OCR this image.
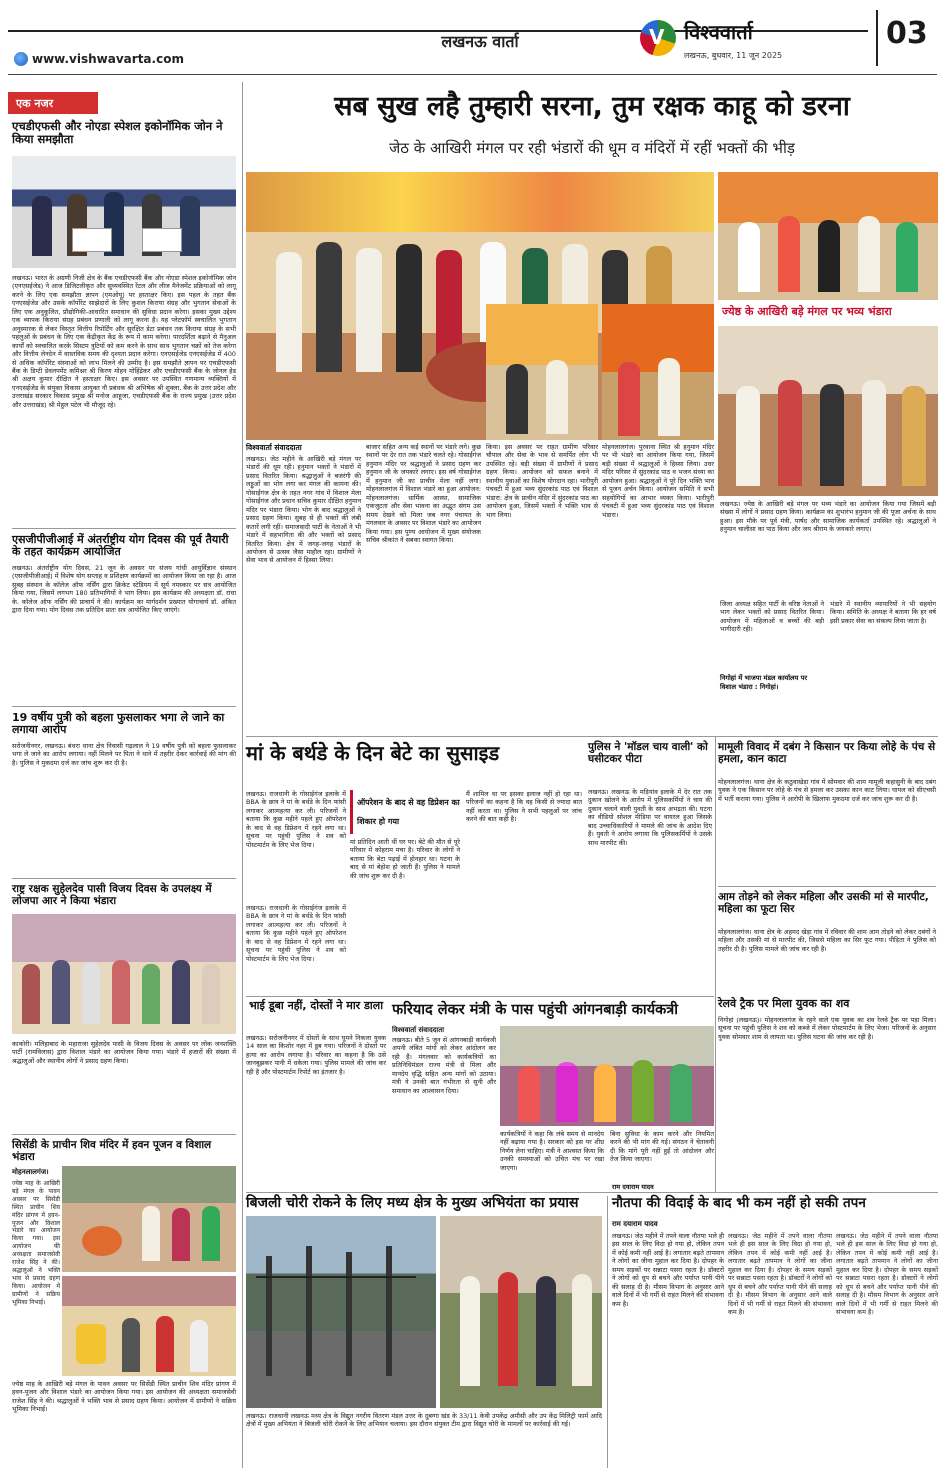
03
लखनऊ वार्ता	V विश्ववार्ता
लखनऊ, बुधवार, 11 जून 2025
www.vishwavarta.com
एक नजर
एचडीएफसी और नोएडा स्पेशल इकोनॉमिक जोन ने किया समझौता
लखनऊ। भारत के अग्रणी निजी क्षेत्र के बैंक एचडीएफसी बैंक और नोएडा स्पेशल इकोनॉमिक जोन (एनएसईजेड) ने आज डिजिटलीकृत और सुव्यवस्थित रेंटल और लीज मैनेजमेंट प्रक्रियाओं को लागू करने के लिए एक समझौता ज्ञापन (एमओयू) पर हस्ताक्षर किए। इस पहल के तहत बैंक एनएसईजेड और उसके कॉर्पोरेट साझेदारों के लिए कुशल किराया संग्रह और भुगतान सेवाओं के लिए एक अनुकूलित, प्रौद्योगिकी-आधारित समाधान की सुविधा प्रदान करेगा। इसका मुख्य उद्देश्य एक व्यापक किराया संग्रह प्रबंधन प्रणाली को लागू करना है। यह प्लेटफ़ॉर्म स्वचालित भुगतान अनुस्मारक से लेकर विस्तृत वित्तीय रिपोर्टिंग और सुरक्षित डेटा प्रबंधन तक किराया संग्रह के सभी पहलुओं के प्रबंधन के लिए एक केंद्रीकृत केंद्र के रूप में काम करेगा। पारदर्शिता बढ़ाने से मैनुअल कार्यों को स्वचालित करके सिस्टम त्रुटियों को कम करने के साथ साथ भुगतान चक्रों को तेज करेगा और वित्तीय लेनदेन में वास्तविक समय की दृश्यता प्रदान करेगा। एनएसईजेड एनएसईजेड में 400 से अधिक कॉर्पोरेट संस्थाओं को लाभ मिलने की उम्मीद है। इस समझौते ज्ञापन पर एचडीएफसी बैंक के डिप्टी डेवलपमेंट कमिश्नर श्री किरण मोहन मोहिंद्रेकर और एचडीएफसी बैंक के जोनल हेड श्री अक्षय कुमार दीक्षित ने हस्ताक्षर किए। इस अवसर पर उपस्थित गणमान्य व्यक्तियों में एनएसईजेड के संयुक्त विकास आयुक्त नौ प्रबंधक श्री अभिषेक श्री शुक्ला, बैंक के उत्तर प्रदेश और उत्तराखंड सरकार विकास प्रमुख श्री मनोज आहूजा, एचडीएफसी बैंक के राज्य प्रमुख (उत्तर प्रदेश और उत्तराखंड) श्री मेहुल पटेल भी मौजूद रहे।
एसजीपीजीआई में अंतर्राष्ट्रीय योग दिवस की पूर्व तैयारी के तहत कार्यक्रम आयोजित
लखनऊ। अंतर्राष्ट्रीय योग दिवस, 21 जून के अवसर पर संजय गांधी आयुर्विज्ञान संस्थान (एसजीपीजीआई) में विशेष योग सप्ताह व प्रशिक्षण कार्यक्रमों का आयोजन किया जा रहा है। आज सुबह संस्थान के कॉलेज ऑफ नर्सिंग द्वारा क्रिकेट स्टेडियम में सूर्य नमस्कार पर सत्र आयोजित किया गया, जिसमें लगभग 180 प्रतिभागियों ने भाग लिया। इस कार्यक्रम की अध्यक्षता डॉ. राधा के. कॉलेज ऑफ नर्सिंग की प्राचार्य ने की। कार्यक्रम का मार्गदर्शन प्रख्यात योगाचार्य डॉ. अंकित द्वारा दिया गया। योग दिवस तक प्रतिदिन प्रातः सत्र आयोजित किए जाएंगे।
19 वर्षीय पुत्री को बहला फुसलाकर भगा ले जाने का लगाया आरोप
सरोजनीनगर, लखनऊ। बंथरा थाना क्षेत्र निवासी गढ़लाल ने 19 वर्षीय पुत्री को बहला फुसलाकर भगा ले जाने का आरोप लगाया। नहीं मिलने पर पिता ने थाने में तहरीर देकर कार्रवाई की मांग की है। पुलिस ने मुकदमा दर्ज कर जांच शुरू कर दी है।
राष्ट्र रक्षक सुहेलदेव पासी विजय दिवस के उपलक्ष्य में लोजपा आर ने किया भंडारा
काकोरी। मलिहाबाद के महाराजा सुहेलदेव पासी के विजय दिवस के अवसर पर लोक जनशक्ति पार्टी (रामविलास) द्वारा विशाल भंडारे का आयोजन किया गया। भंडारे में हजारों की संख्या में श्रद्धालुओं और स्थानीय लोगों ने प्रसाद ग्रहण किया।
सिसेंडी के प्राचीन शिव मंदिर में हवन पूजन व विशाल भंडारा
मोहनलालगंज।
ज्येष्ठ माह के आखिरी बड़े मंगल के पावन अवसर पर सिसेंडी स्थित प्राचीन शिव मंदिर प्रांगण में हवन-पूजन और विशाल भंडारे का आयोजन किया गया। इस आयोजन की अध्यक्षता समाजसेवी राजेश सिंह ने की। श्रद्धालुओं ने भक्ति भाव से प्रसाद ग्रहण किया। आयोजन में ग्रामीणों ने सक्रिय भूमिका निभाई।
ज्येष्ठ माह के आखिरी बड़े मंगल के पावन अवसर पर सिसेंडी स्थित प्राचीन शिव मंदिर प्रांगण में हवन-पूजन और विशाल भंडारे का आयोजन किया गया। इस आयोजन की अध्यक्षता समाजसेवी राजेश सिंह ने की। श्रद्धालुओं ने भक्ति भाव से प्रसाद ग्रहण किया। आयोजन में ग्रामीणों ने सक्रिय भूमिका निभाई।
सब सुख लहै तुम्हारी सरना, तुम रक्षक काहू को डरना
जेठ के आखिरी मंगल पर रही भंडारों की धूम व मंदिरों में रहीं भक्तों की भीड़
विश्ववार्ता संवाददाता
लखनऊ। जेठ महीने के आखिरी बड़े मंगल पर भंडारों की धूम रही। हनुमान भक्तों ने भंडारों में प्रसाद वितरित किया। श्रद्धालुओं ने बजरंगी की लड्डुओं का भोग लगा कर मंगल की कामना की। गोसाईंगंज क्षेत्र के तहत नगर गांव में विशाल मेला गोसाईंगंज और प्रधान सचिव कुमार दीक्षित हनुमान मंदिर पर भंडारा किया। भोग के बाद श्रद्धालुओं ने प्रसाद ग्रहण किया। सुबह से ही भक्तों की लंबी कतारें लगी रहीं। समाजवादी पार्टी के नेताओं ने भी भंडारे में सहभागिता की और भक्तों को प्रसाद वितरित किया। क्षेत्र में जगह-जगह भंडारों के आयोजन से उत्सव जैसा माहौल रहा। ग्रामीणों ने सेवा भाव से आयोजन में हिस्सा लिया।
बाजार सहित अन्य कई स्थानों पर भंडारे लगे। कुछ स्थानों पर देर रात तक भंडारे चलते रहे। गोसाईंगंज हनुमान मंदिर पर श्रद्धालुओं ने प्रसाद ग्रहण कर हनुमान जी के जयकारे लगाए। इस वर्ष गोसाईगंज में हनुमान जी का प्राचीन मेला नहीं लगा। मोहनलालगंज में विशाल भंडारे का हुआ आयोजन: मोहनलालगंज। धार्मिक आस्था, सामाजिक एकजुटता और सेवा भावना का अद्भुत संगम उस समय देखने को मिला जब नगर पंचायत के मंगलवार के अवसर पर विशाल भंडारे का आयोजन किया गया। इस पुण्य आयोजन में मुख्य संयोजक सचिव श्रीकांत ने सबका स्वागत किया।
किया। इस अवसर पर राहत ग्रामीण परिवार चौपाल और सेवा के भाव से समर्पित लोग भी उपस्थित रहे। बड़ी संख्या में ग्रामीणों ने प्रसाद ग्रहण किया। आयोजन को सफल बनाने में स्थानीय युवाओं का विशेष योगदान रहा। भारीपुरी पंचवटी में हुआ भव्य सुंदरकांड पाठ एवं विशाल भंडारा: क्षेत्र के प्राचीन मंदिर में सुंदरकांड पाठ का आयोजन हुआ, जिसमें भक्तों ने भक्ति भाव से भाग लिया।
मोहनलालगंज। पुरवाना स्थित श्री हनुमान मंदिर पर भी भंडारे का आयोजन किया गया, जिसमें बड़ी संख्या में श्रद्धालुओं ने हिस्सा लिया। उधर मंदिर परिसर में सुंदरकांड पाठ व भजन संध्या का आयोजन हुआ। श्रद्धालुओं ने पूरे दिन भक्ति भाव से पूजन अर्चन किया। आयोजन समिति ने सभी सहयोगियों का आभार व्यक्त किया। भारीपुरी पंचवटी में हुआ भव्य सुंदरकांड पाठ एवं विशाल भंडारा।
ज्येष्ठ के आखिरी बड़े मंगल पर भव्य भंडारा
लखनऊ। ज्येष्ठ के आखिरी बड़े मंगल पर भव्य भंडारे का आयोजन किया गया जिसमें बड़ी संख्या में लोगों ने प्रसाद ग्रहण किया। कार्यक्रम का शुभारंभ हनुमान जी की पूजा अर्चना के साथ हुआ। इस मौके पर पूर्व मंत्री, पार्षद और सामाजिक कार्यकर्ता उपस्थित रहे। श्रद्धालुओं ने हनुमान चालीसा का पाठ किया और जय श्रीराम के जयकारे लगाए।
जिला अध्यक्ष सहित पार्टी के वरिष्ठ नेताओं ने भाग लेकर भक्तों को प्रसाद वितरित किया। आयोजन में महिलाओं व बच्चों की बड़ी भागीदारी रही।
भंडारे में स्थानीय व्यापारियों ने भी सहयोग किया। समिति के अध्यक्ष ने बताया कि हर वर्ष इसी प्रकार सेवा का संकल्प लिया जाता है।
निगोहां में भाजपा मंडल कार्यालय पर विशाल भंडारा : निगोहां।
मां के बर्थडे के दिन बेटे का सुसाइड
लखनऊ। राजधानी के गोसाईगंज इलाके में BBA के छात्र ने मां के बर्थडे के दिन फांसी लगाकर आत्महत्या कर ली। परिजनों ने बताया कि कुछ महीने पहले हुए ऑपरेशन के बाद से वह डिप्रेशन में रहने लगा था। सूचना पर पहुंची पुलिस ने शव को पोस्टमार्टम के लिए भेज दिया।
ऑपरेशन के बाद से वह डिप्रेशन का शिकार हो गया
मां प्रतिदिन आती थीं घर पर। बेटे की मौत से पूरे परिवार में कोहराम मचा है। परिवार के लोगों ने बताया कि बेटा पढ़ाई में होनहार था। घटना के बाद से मां बेहोश हो जाती हैं। पुलिस ने मामले की जांच शुरू कर दी है।
मैं शामिल था पर इसका इलाज नहीं हो रहा था। परिजनों का कहना है कि वह किसी से ज्यादा बात नहीं करता था। पुलिस ने सभी पहलुओं पर जांच करने की बात कही है।
लखनऊ। राजधानी के गोसाईगंज इलाके में BBA के छात्र ने मां के बर्थडे के दिन फांसी लगाकर आत्महत्या कर ली। परिजनों ने बताया कि कुछ महीने पहले हुए ऑपरेशन के बाद से वह डिप्रेशन में रहने लगा था। सूचना पर पहुंची पुलिस ने शव को पोस्टमार्टम के लिए भेज दिया।
पुलिस ने 'मॉडल चाय वाली' को घसीटकर पीटा
लखनऊ। लखनऊ के मड़ियांव इलाके में देर रात तक दुकान खोलने के आरोप में पुलिसकर्मियों ने चाय की दुकान चलाने वाली युवती के साथ अभद्रता की। घटना का वीडियो सोशल मीडिया पर वायरल हुआ जिसके बाद उच्चाधिकारियों ने मामले की जांच के आदेश दिए हैं। युवती ने आरोप लगाया कि पुलिसकर्मियों ने उसके साथ मारपीट की।
मामूली विवाद में दबंग ने किसान पर किया लोहे के पंच से हमला, कान काटा
मोहनलालगंज। थाना क्षेत्र के कठुवाखेड़ा गांव में सोमवार की शाम मामूली कहासुनी के बाद दबंग युवक ने एक किसान पर लोहे के पंच से हमला कर उसका कान काट लिया। घायल को सीएचसी में भर्ती कराया गया। पुलिस ने आरोपी के खिलाफ मुकदमा दर्ज कर जांच शुरू कर दी है।
आम तोड़ने को लेकर महिला और उसकी मां से मारपीट, महिला का फूटा सिर
मोहनलालगंज। थाना क्षेत्र के अहमद खेड़ा गांव में रविवार की शाम आम तोड़ने को लेकर दबंगों ने महिला और उसकी मां से मारपीट की, जिससे महिला का सिर फूट गया। पीड़िता ने पुलिस को तहरीर दी है। पुलिस मामले की जांच कर रही है।
भाई डूबा नहीं, दोस्तों ने मार डाला
लखनऊ। सरोजनीनगर में दोस्तों के साथ घूमने निकला युवक 14 साल का किशोर नहर में डूब गया। परिजनों ने दोस्तों पर हत्या का आरोप लगाया है। परिवार का कहना है कि उसे जानबूझकर पानी में धकेला गया। पुलिस मामले की जांच कर रही है और पोस्टमार्टम रिपोर्ट का इंतजार है।
फरियाद लेकर मंत्री के पास पहुंची आंगनबाड़ी कार्यकत्री
विश्ववार्ता संवाददाता
लखनऊ। बीते 5 जून से आंगनबाड़ी कार्यकत्री अपनी लंबित मांगों को लेकर आंदोलन कर रही हैं। मंगलवार को कार्यकत्रियों का प्रतिनिधिमंडल राज्य मंत्री से मिला और मानदेय वृद्धि सहित अन्य मांगों को उठाया। मंत्री ने उनकी बात गंभीरता से सुनी और समाधान का आश्वासन दिया।
कार्यकत्रियों ने कहा कि लंबे समय से मानदेय नहीं बढ़ाया गया है। सरकार को इस पर शीघ्र निर्णय लेना चाहिए। मंत्री ने आश्वस्त किया कि उनकी समस्याओं को उचित मंच पर रखा जाएगा।
बिना सुविधा के काम करने और नियमित करने की भी मांग की गई। संगठन ने चेतावनी दी कि मांगे पूरी नहीं हुईं तो आंदोलन और तेज किया जाएगा।
रेलवे ट्रैक पर मिला युवक का शव
निगोहां (लखनऊ)। मोहनलालगंज के रहने वाले एक युवक का शव रेलवे ट्रैक पर पड़ा मिला। सूचना पर पहुंची पुलिस ने शव को कब्जे में लेकर पोस्टमार्टम के लिए भेजा। परिजनों के अनुसार युवक सोमवार शाम से लापता था। पुलिस घटना की जांच कर रही है।
बिजली चोरी रोकने के लिए मध्य क्षेत्र के मुख्य अभियंता का प्रयास
लखनऊ। राजधानी लखनऊ मध्य क्षेत्र के विद्युत नगरीय वितरण मंडल उत्तर के दुबग्गा खंड के 33/11 केवी उपकेंद्र अमौसी और उप केंद्र मिलिट्री फार्म आदि क्षेत्रों में मुख्य अभियंता ने बिजली चोरी रोकने के लिए अभियान चलाया। इस दौरान संयुक्त टीम द्वारा विद्युत चोरी के मामलों पर कार्रवाई की गई।
नौतपा की विदाई के बाद भी कम नहीं हो सकी तपन
राम दयाराम यादव
लखनऊ। जेठ महीने में तपने वाला नौतपा भले ही इस साल के लिए विदा हो गया हो, लेकिन तपन में कोई कमी नहीं आई है। लगातार बढ़ते तापमान ने लोगों का जीना मुहाल कर दिया है। दोपहर के समय सड़कों पर सन्नाटा पसरा रहता है। डॉक्टरों ने लोगों को धूप से बचने और पर्याप्त पानी पीने की सलाह दी है। मौसम विभाग के अनुसार आने वाले दिनों में भी गर्मी से राहत मिलने की संभावना कम है।
लखनऊ। जेठ महीने में तपने वाला नौतपा भले ही इस साल के लिए विदा हो गया हो, लेकिन तपन में कोई कमी नहीं आई है। लगातार बढ़ते तापमान ने लोगों का जीना मुहाल कर दिया है। दोपहर के समय सड़कों पर सन्नाटा पसरा रहता है। डॉक्टरों ने लोगों को धूप से बचने और पर्याप्त पानी पीने की सलाह दी है। मौसम विभाग के अनुसार आने वाले दिनों में भी गर्मी से राहत मिलने की संभावना कम है।
लखनऊ। जेठ महीने में तपने वाला नौतपा भले ही इस साल के लिए विदा हो गया हो, लेकिन तपन में कोई कमी नहीं आई है। लगातार बढ़ते तापमान ने लोगों का जीना मुहाल कर दिया है। दोपहर के समय सड़कों पर सन्नाटा पसरा रहता है। डॉक्टरों ने लोगों को धूप से बचने और पर्याप्त पानी पीने की सलाह दी है। मौसम विभाग के अनुसार आने वाले दिनों में भी गर्मी से राहत मिलने की संभावना कम है।
राम दयाराम यादव
